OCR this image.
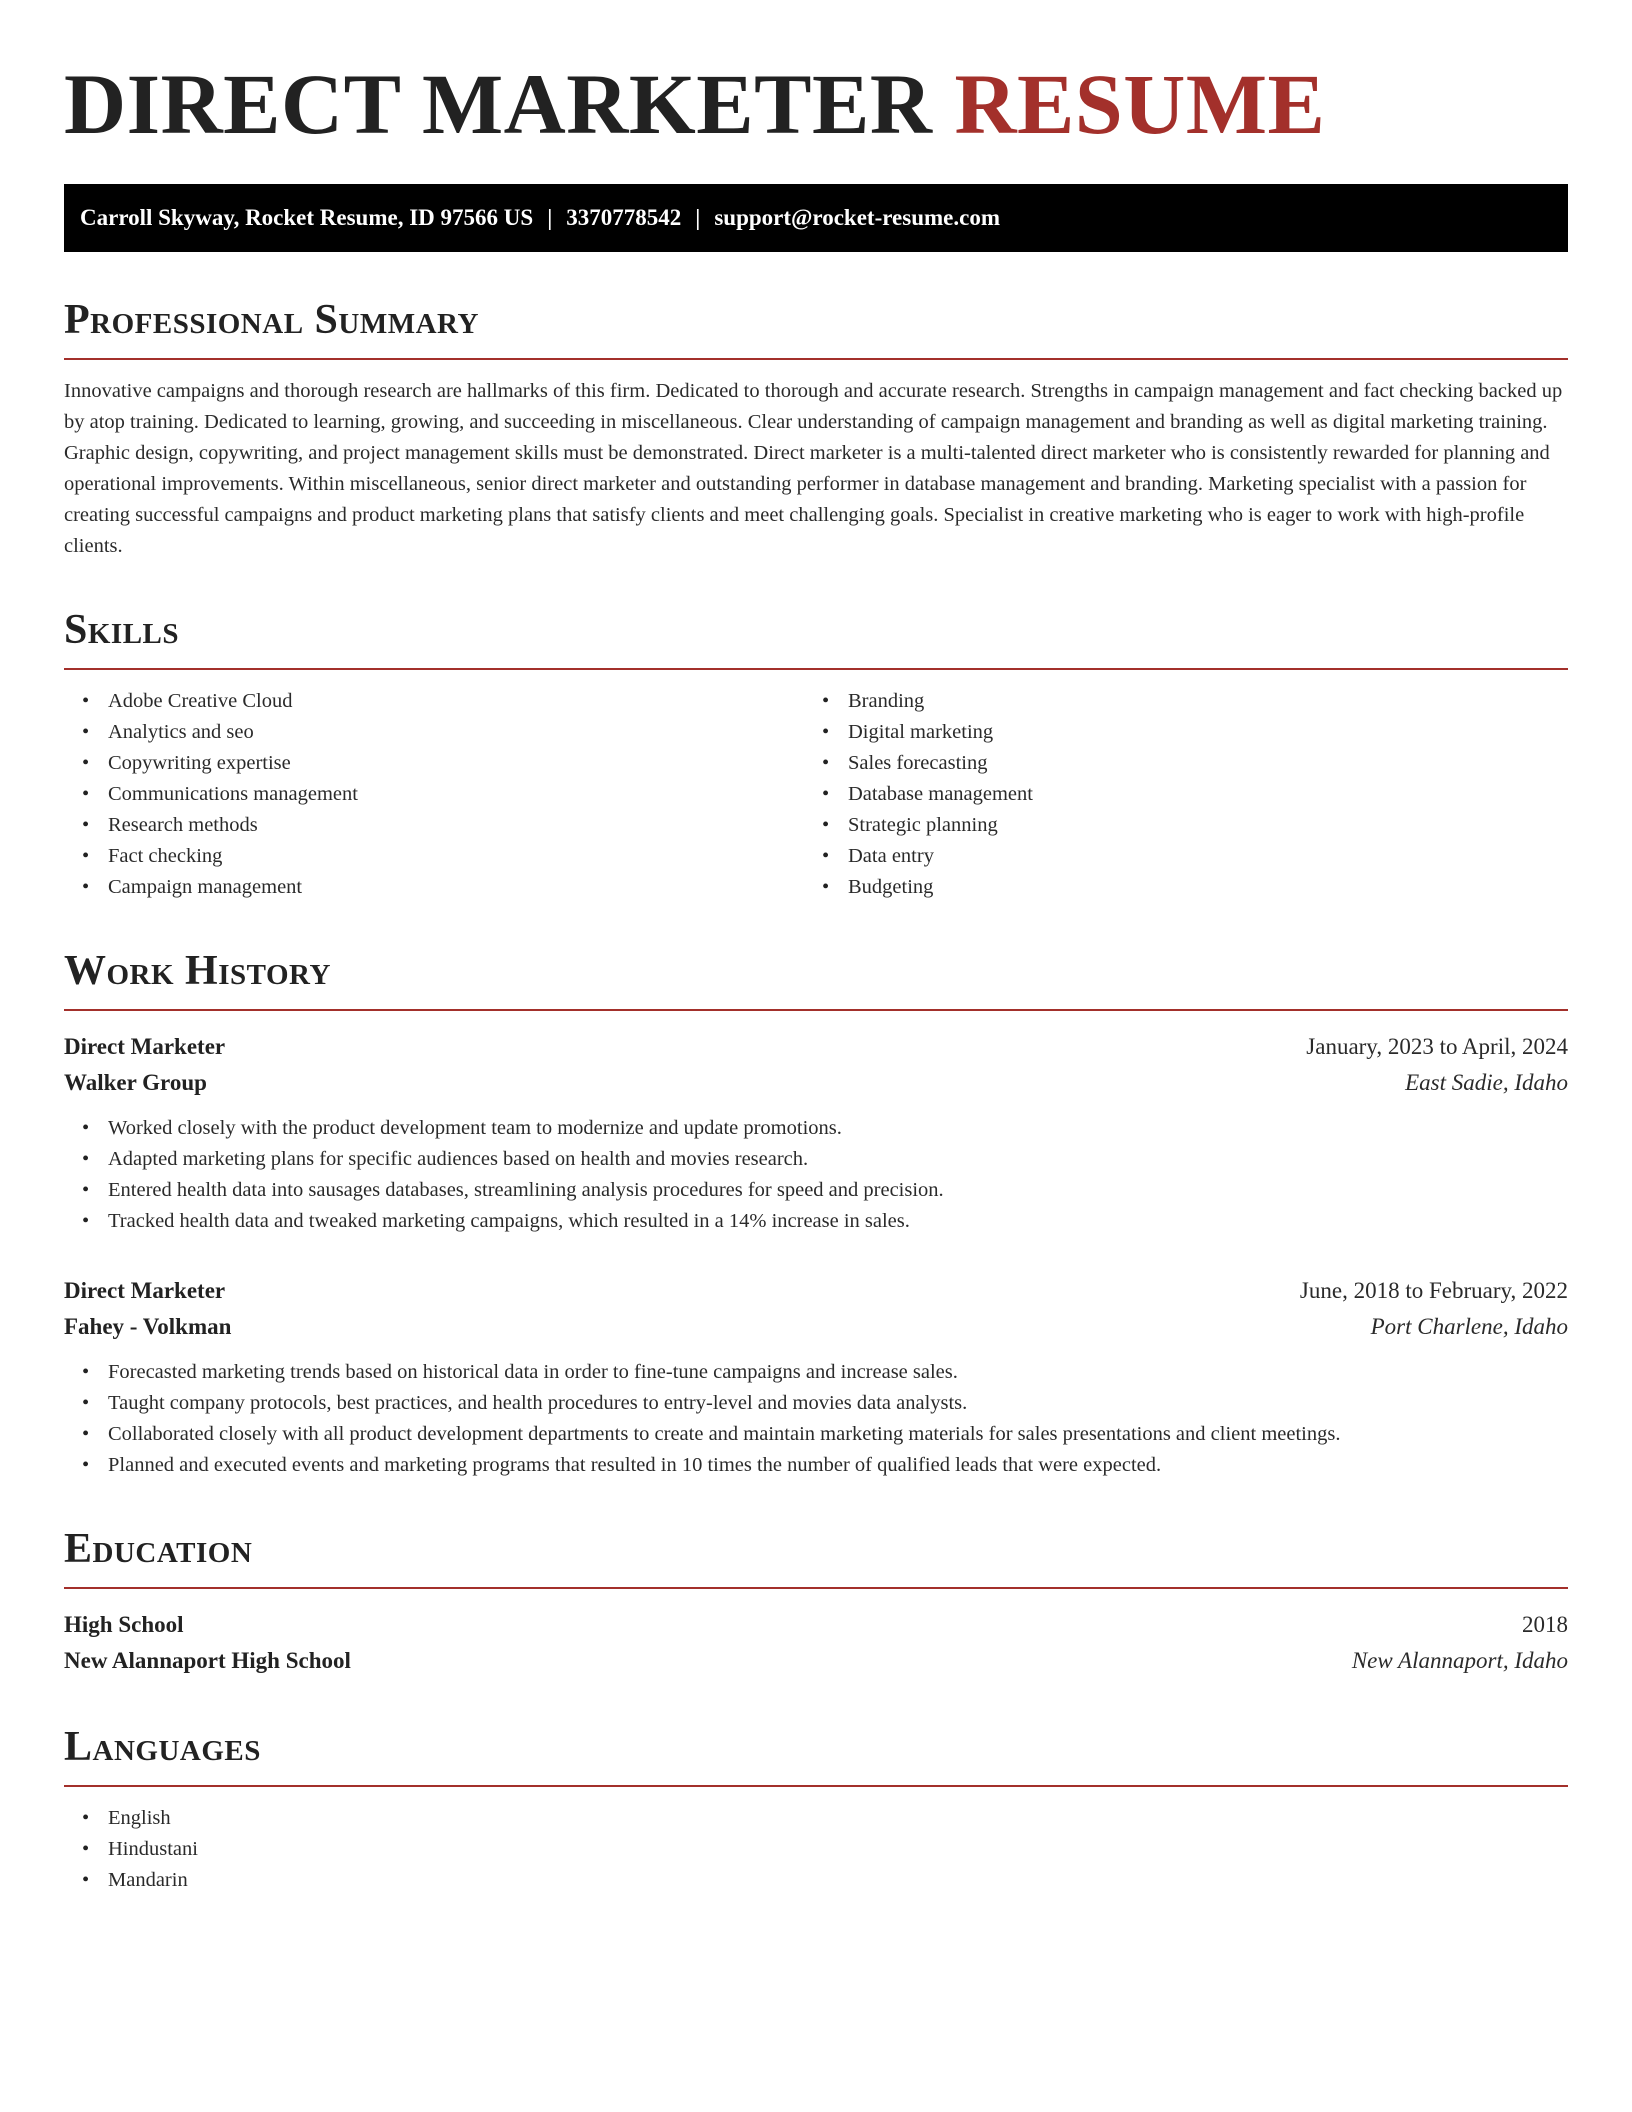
DIRECT MARKETER RESUME
Carroll Skyway, Rocket Resume, ID 97566 US | 3370778542 | support@rocket-resume.com
Professional Summary

Innovative campaigns and thorough research are hallmarks of this firm. Dedicated to thorough and accurate research. Strengths in campaign management and fact checking backed up by atop training. Dedicated to learning, growing, and succeeding in miscellaneous. Clear understanding of campaign management and branding as well as digital marketing training. Graphic design, copywriting, and project management skills must be demonstrated. Direct marketer is a multi-talented direct marketer who is consistently rewarded for planning and operational improvements. Within miscellaneous, senior direct marketer and outstanding performer in database management and branding. Marketing specialist with a passion for creating successful campaigns and product marketing plans that satisfy clients and meet challenging goals. Specialist in creative marketing who is eager to work with high-profile clients.

Skills
• Adobe Creative Cloud
• Analytics and seo
• Copywriting expertise
• Communications management
• Research methods
• Fact checking
• Campaign management
• Branding
• Digital marketing
• Sales forecasting
• Database management
• Strategic planning
• Data entry
• Budgeting
Work History
Direct Marketer	January, 2023 to April, 2024
Walker Group	East Sadie, Idaho
• Worked closely with the product development team to modernize and update promotions.
• Adapted marketing plans for specific audiences based on health and movies research.
• Entered health data into sausages databases, streamlining analysis procedures for speed and precision.
• Tracked health data and tweaked marketing campaigns, which resulted in a 14% increase in sales.
Direct Marketer	June, 2018 to February, 2022
Fahey - Volkman	Port Charlene, Idaho
• Forecasted marketing trends based on historical data in order to fine-tune campaigns and increase sales.
• Taught company protocols, best practices, and health procedures to entry-level and movies data analysts.
• Collaborated closely with all product development departments to create and maintain marketing materials for sales presentations and client meetings.
• Planned and executed events and marketing programs that resulted in 10 times the number of qualified leads that were expected.
Education
High School	2018
New Alannaport High School	New Alannaport, Idaho
Languages
• English
• Hindustani
• Mandarin
